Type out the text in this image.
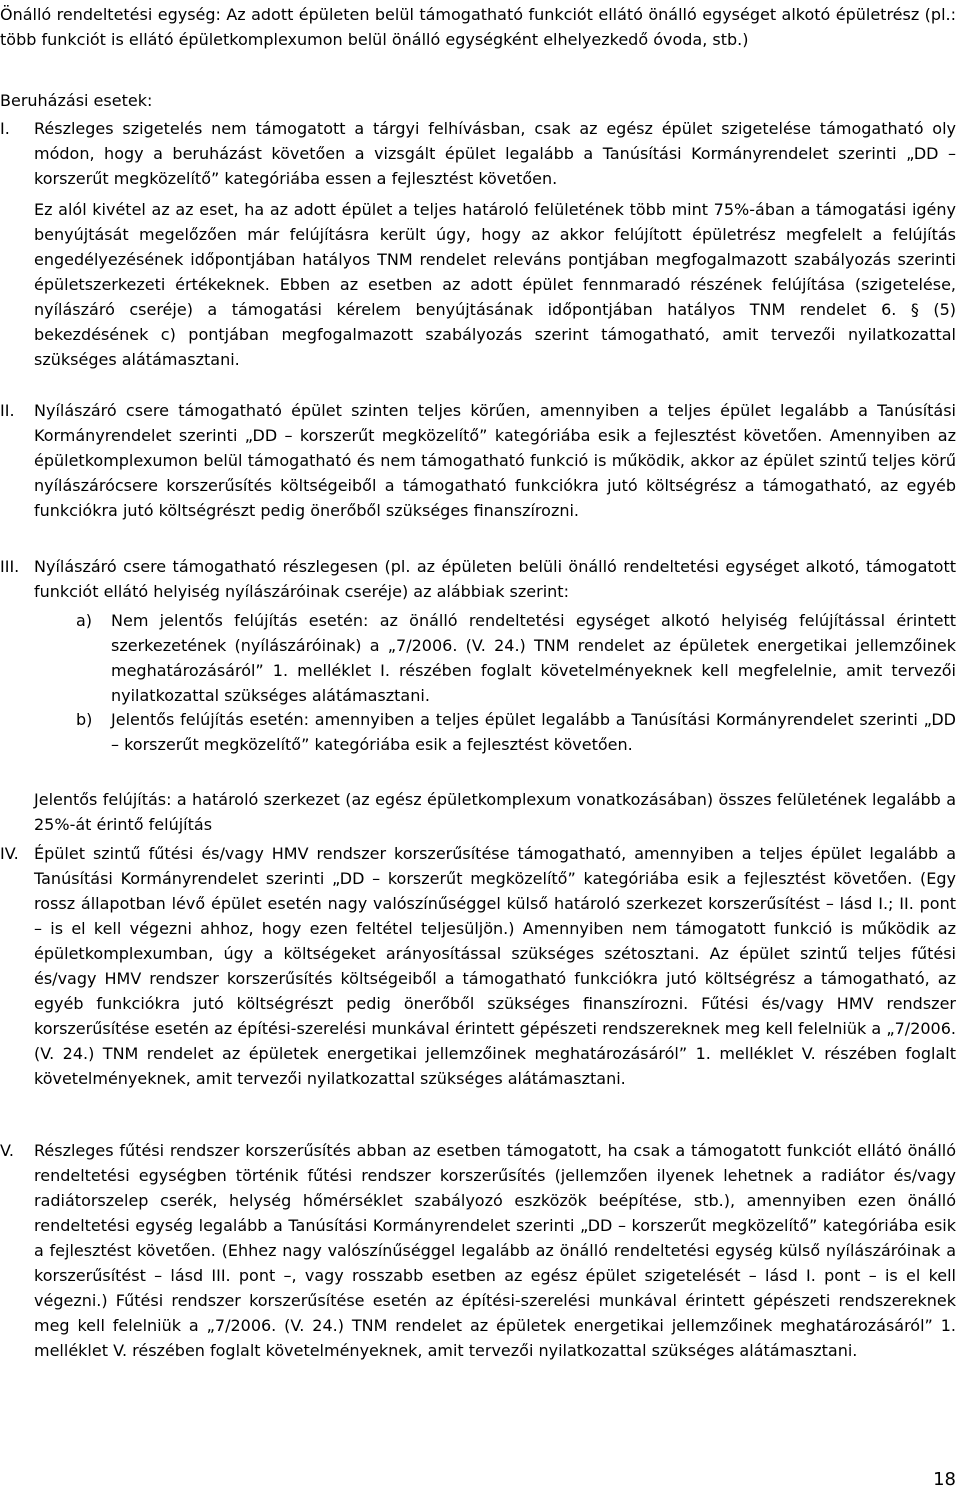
Önálló rendeltetési egység: Az adott épületen belül támogatható funkciót ellátó önálló egységet alkotó épületrész (pl.: több funkciót is ellátó épületkomplexumon belül önálló egységként elhelyezkedő óvoda, stb.)

Beruházási esetek:

I. Részleges szigetelés nem támogatott a tárgyi felhívásban, csak az egész épület szigetelése támogatható oly módon, hogy a beruházást követően a vizsgált épület legalább a Tanúsítási Kormányrendelet szerinti „DD – korszerűt megközelítő” kategóriába essen a fejlesztést követően.

Ez alól kivétel az az eset, ha az adott épület a teljes határoló felületének több mint 75%-ában a támogatási igény benyújtását megelőzően már felújításra került úgy, hogy az akkor felújított épületrész megfelelt a felújítás engedélyezésének időpontjában hatályos TNM rendelet releváns pontjában megfogalmazott szabályozás szerinti épületszerkezeti értékeknek. Ebben az esetben az adott épület fennmaradó részének felújítása (szigetelése, nyílászáró cseréje) a támogatási kérelem benyújtásának időpontjában hatályos TNM rendelet 6. § (5) bekezdésének c) pontjában megfogalmazott szabályozás szerint támogatható, amit tervezői nyilatkozattal szükséges alátámasztani.

II. Nyílászáró csere támogatható épület szinten teljes körűen, amennyiben a teljes épület legalább a Tanúsítási Kormányrendelet szerinti „DD – korszerűt megközelítő” kategóriába esik a fejlesztést követően. Amennyiben az épületkomplexumon belül támogatható és nem támogatható funkció is működik, akkor az épület szintű teljes körű nyílászárócsere korszerűsítés költségeiből a támogatható funkciókra jutó költségrész a támogatható, az egyéb funkciókra jutó költségrészt pedig önerőből szükséges finanszírozni.

III. Nyílászáró csere támogatható részlegesen (pl. az épületen belüli önálló rendeltetési egységet alkotó, támogatott funkciót ellátó helyiség nyílászáróinak cseréje) az alábbiak szerint:

a) Nem jelentős felújítás esetén: az önálló rendeltetési egységet alkotó helyiség felújítással érintett szerkezetének (nyílászáróinak) a „7/2006. (V. 24.) TNM rendelet az épületek energetikai jellemzőinek meghatározásáról” 1. melléklet I. részében foglalt követelményeknek kell megfelelnie, amit tervezői nyilatkozattal szükséges alátámasztani.

b) Jelentős felújítás esetén: amennyiben a teljes épület legalább a Tanúsítási Kormányrendelet szerinti „DD – korszerűt megközelítő” kategóriába esik a fejlesztést követően.

Jelentős felújítás: a határoló szerkezet (az egész épületkomplexum vonatkozásában) összes felületének legalább a 25%-át érintő felújítás

IV. Épület szintű fűtési és/vagy HMV rendszer korszerűsítése támogatható, amennyiben a teljes épület legalább a Tanúsítási Kormányrendelet szerinti „DD – korszerűt megközelítő” kategóriába esik a fejlesztést követően. (Egy rossz állapotban lévő épület esetén nagy valószínűséggel külső határoló szerkezet korszerűsítést – lásd I.; II. pont – is el kell végezni ahhoz, hogy ezen feltétel teljesüljön.) Amennyiben nem támogatott funkció is működik az épületkomplexumban, úgy a költségeket arányosítással szükséges szétosztani. Az épület szintű teljes fűtési és/vagy HMV rendszer korszerűsítés költségeiből a támogatható funkciókra jutó költségrész a támogatható, az egyéb funkciókra jutó költségrészt pedig önerőből szükséges finanszírozni. Fűtési és/vagy HMV rendszer korszerűsítése esetén az építési-szerelési munkával érintett gépészeti rendszereknek meg kell felelniük a „7/2006. (V. 24.) TNM rendelet az épületek energetikai jellemzőinek meghatározásáról” 1. melléklet V. részében foglalt követelményeknek, amit tervezői nyilatkozattal szükséges alátámasztani.

V. Részleges fűtési rendszer korszerűsítés abban az esetben támogatott, ha csak a támogatott funkciót ellátó önálló rendeltetési egységben történik fűtési rendszer korszerűsítés (jellemzően ilyenek lehetnek a radiátor és/vagy radiátorszelep cserék, helység hőmérséklet szabályozó eszközök beépítése, stb.), amennyiben ezen önálló rendeltetési egység legalább a Tanúsítási Kormányrendelet szerinti „DD – korszerűt megközelítő” kategóriába esik a fejlesztést követően. (Ehhez nagy valószínűséggel legalább az önálló rendeltetési egység külső nyílászáróinak a korszerűsítést – lásd III. pont –, vagy rosszabb esetben az egész épület szigetelését – lásd I. pont – is el kell végezni.) Fűtési rendszer korszerűsítése esetén az építési-szerelési munkával érintett gépészeti rendszereknek meg kell felelniük a „7/2006. (V. 24.) TNM rendelet az épületek energetikai jellemzőinek meghatározásáról” 1. melléklet V. részében foglalt követelményeknek, amit tervezői nyilatkozattal szükséges alátámasztani.

18
